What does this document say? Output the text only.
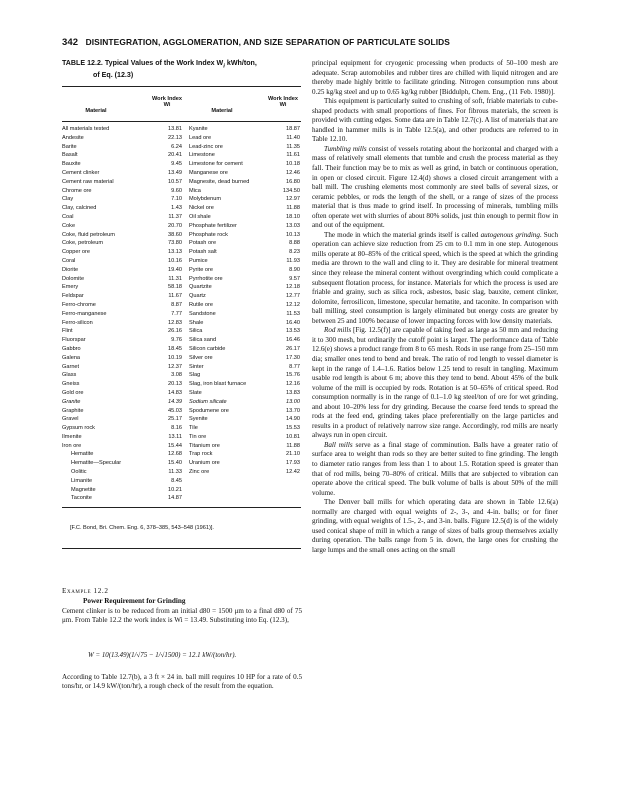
342 DISINTEGRATION, AGGLOMERATION, AND SIZE SEPARATION OF PARTICULATE SOLIDS
TABLE 12.2. Typical Values of the Work Index $W_i$ kWh/ton,
of Eq. (12.3)
Material
Work Index Wi
Material
Work Index Wi
All materials tested	13.81 Kyanite	18.87
Andesite	22.13 Lead ore	11.40
Barite	6.24 Lead-zinc ore	11.35
Basalt	20.41 Limestone	11.61
Bauxite	9.45 Limestone for cement	10.18
Cement clinker	13.49 Manganese ore	12.46
Cement raw material	10.57 Magnesite, dead burned	16.80
Chrome ore	9.60 Mica	134.50
Clay	7.10 Molybdenum	12.97
Clay, calcined	1.43 Nickel ore	11.88
Coal	11.37 Oil shale	18.10
Coke	20.70 Phosphate fertilizer	13.03
Coke, fluid petroleum	38.60 Phosphate rock	10.13
Coke, petroleum	73.80 Potash ore	8.88
Copper ore	13.13 Potash salt	8.23
Coral	10.16 Pumice	11.93
Diorite	19.40 Pyrite ore	8.90
Dolomite	11.31 Pyrrhotite ore	9.57
Emery	58.18 Quartzite	12.18
Feldspar	11.67 Quartz	12.77
Ferro-chrome	8.87 Rutile ore	12.12
Ferro-manganese	7.77 Sandstone	11.53
Ferro-silicon	12.83 Shale	16.40
Flint	26.16 Silica	13.53
Fluorspar	9.76 Silica sand	16.46
Gabbro	18.45 Silicon carbide	26.17
Galena	10.19 Silver ore	17.30
Garnet	12.37 Sinter	8.77
Glass	3.08 Slag	15.76
Gneiss	20.13 Slag, iron blast furnace	12.16
Gold ore	14.83 Slate	13.83
Granite	14.39 Sodium silicate	13.00
Graphite	45.03 Spodumene ore	13.70
Gravel	25.17 Syenite	14.90
Gypsum rock	8.16 Tile	15.53
Ilmenite	13.11 Tin ore	10.81
Iron ore	15.44 Titanium ore	11.88
Hematite	12.68 Trap rock	21.10
Hematite—Specular	15.40 Uranium ore	17.93
Oolitic	11.33 Zinc ore	12.42
Limanite	8.45
Magnetite	10.21
Taconite	14.87
[F.C. Bond, Bri. Chem. Eng. 6, 378–385, 543–548 (1961)].
Example 12.2
Power Requirement for Grinding
Cement clinker is to be reduced from an initial d80 = 1500 μm to a final d80 of 75 μm. From Table 12.2 the work index is Wi = 13.49. Substituting into Eq. (12.3),
W = 10(13.49)(1/√75 − 1/√1500) = 12.1 kW/(ton/hr).
According to Table 12.7(b), a 3 ft × 24 in. ball mill requires 10 HP for a rate of 0.5 tons/hr, or 14.9 kW/(ton/hr), a rough check of the result from the equation.

principal equipment for cryogenic processing when products of 50–100 mesh are adequate. Scrap automobiles and rubber tires are chilled with liquid nitrogen and are thereby made highly brittle to facilitate grinding. Nitrogen consumption runs about 0.25 kg/kg steel and up to 0.65 kg/kg rubber [Biddulph, Chem. Eng., (11 Feb. 1980)].

This equipment is particularly suited to crushing of soft, friable materials to cube-shaped products with small proportions of fines. For fibrous materials, the screen is provided with cutting edges. Some data are in Table 12.7(c). A list of materials that are handled in hammer mills is in Table 12.5(a), and other products are referred to in Table 12.10.

Tumbling mills consist of vessels rotating about the horizontal and charged with a mass of relatively small elements that tumble and crush the process material as they fall. Their function may be to mix as well as grind, in batch or continuous operation, in open or closed circuit. Figure 12.4(d) shows a closed circuit arrangement with a ball mill. The crushing elements most commonly are steel balls of several sizes, or ceramic pebbles, or rods the length of the shell, or a range of sizes of the process material that is thus made to grind itself. In processing of minerals, tumbling mills often operate wet with slurries of about 80% solids, just thin enough to permit flow in and out of the equipment.

The mode in which the material grinds itself is called autogenous grinding. Such operation can achieve size reduction from 25 cm to 0.1 mm in one step. Autogenous mills operate at 80–85% of the critical speed, which is the speed at which the grinding media are thrown to the wall and cling to it. They are desirable for mineral treatment since they release the mineral content without overgrinding which could complicate a subsequent flotation process, for instance. Materials for which the process is used are friable and grainy, such as silica rock, asbestos, basic slag, bauxite, cement clinker, dolomite, ferrosilicon, limestone, specular hematite, and taconite. In comparison with ball milling, steel consumption is largely eliminated but energy costs are greater by between 25 and 100% because of lower impacting forces with low density materials.

Rod mills [Fig. 12.5(f)] are capable of taking feed as large as 50 mm and reducing it to 300 mesh, but ordinarily the cutoff point is larger. The performance data of Table 12.6(e) shows a product range from 8 to 65 mesh. Rods in use range from 25–150 mm dia; smaller ones tend to bend and break. The ratio of rod length to vessel diameter is kept in the range of 1.4–1.6. Ratios below 1.25 tend to result in tangling. Maximum usable rod length is about 6 m; above this they tend to bend. About 45% of the bulk volume of the mill is occupied by rods. Rotation is at 50–65% of critical speed. Rod consumption normally is in the range of 0.1–1.0 kg steel/ton of ore for wet grinding, and about 10–20% less for dry grinding. Because the coarse feed tends to spread the rods at the feed end, grinding takes place preferentially on the large particles and results in a product of relatively narrow size range. Accordingly, rod mills are nearly always run in open circuit.

Ball mills serve as a final stage of comminution. Balls have a greater ratio of surface area to weight than rods so they are better suited to fine grinding. The length to diameter ratio ranges from less than 1 to about 1.5. Rotation speed is greater than that of rod mills, being 70–80% of critical. Mills that are subjected to vibration can operate above the critical speed. The bulk volume of balls is about 50% of the mill volume.

The Denver ball mills for which operating data are shown in Table 12.6(a) normally are charged with equal weights of 2-, 3-, and 4-in. balls; or for finer grinding, with equal weights of 1.5-, 2-, and 3-in. balls. Figure 12.5(d) is of the widely used conical shape of mill in which a range of sizes of balls group themselves axially during operation. The balls range from 5 in. down, the large ones for crushing the large lumps and the small ones acting on the small
